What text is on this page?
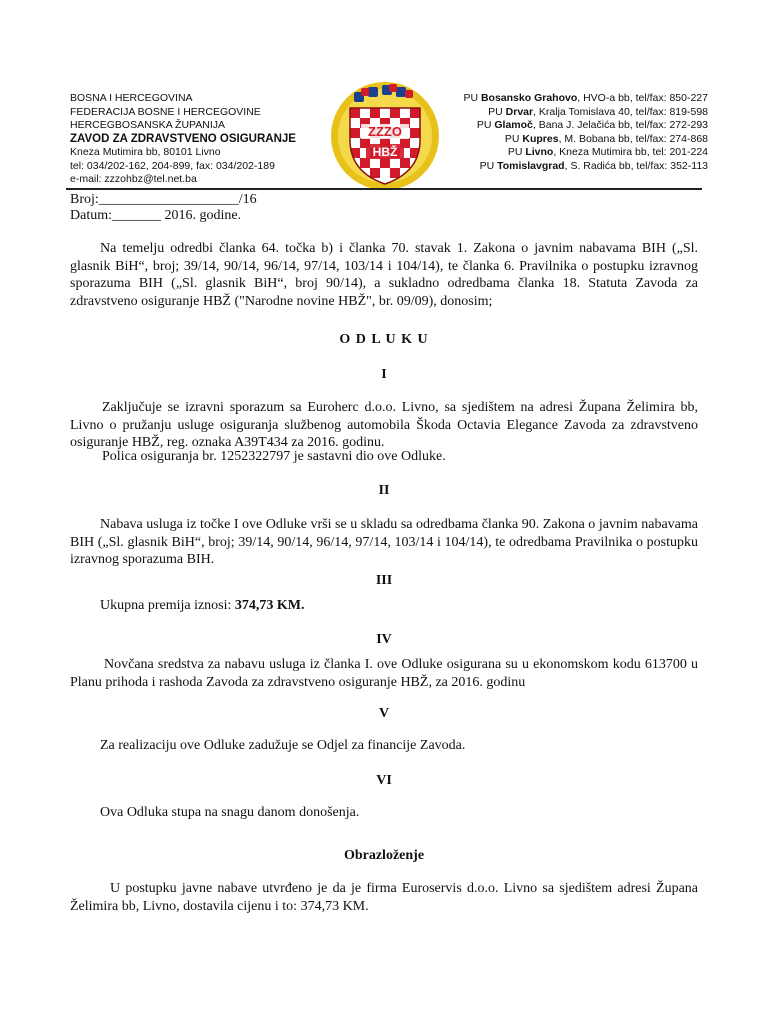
BOSNA I HERCEGOVINA
FEDERACIJA BOSNE I HERCEGOVINE
HERCEGBOSANSKA ŽUPANIJA
ZAVOD ZA ZDRAVSTVENO OSIGURANJE
Kneza Mutimira bb, 80101 Livno
tel: 034/202-162, 204-899, fax: 034/202-189
e-mail: zzzohbz@tel.net.ba
ZZZO
HBŽ
PU Bosansko Grahovo, HVO-a bb, tel/fax: 850-227
PU Drvar, Kralja Tomislava 40, tel/fax: 819-598
PU Glamoč, Bana J. Jelačića bb, tel/fax: 272-293
PU Kupres, M. Bobana bb, tel/fax: 274-868
PU Livno, Kneza Mutimira bb, tel: 201-224
PU Tomislavgrad, S. Radića bb, tel/fax: 352-113
Broj:____________________/16
Datum:_______ 2016. godine.
Na temelju odredbi članka 64. točka b) i članka 70. stavak 1. Zakona o javnim nabavama BIH („Sl. glasnik BiH“, broj; 39/14, 90/14, 96/14, 97/14, 103/14 i 104/14), te članka 6. Pravilnika o postupku izravnog sporazuma BIH („Sl. glasnik BiH“, broj 90/14), a sukladno odredbama članka 18. Statuta Zavoda za zdravstveno osiguranje HBŽ ("Narodne novine HBŽ", br. 09/09), donosim;
O D L U K U
I
Zaključuje se izravni sporazum sa Euroherc d.o.o. Livno, sa sjedištem na adresi Županа Želimira bb, Livno o pružanju usluge osiguranja službenog automobila Škoda Octavia Elegance Zavoda za zdravstveno osiguranje HBŽ, reg. oznaka A39T434 za 2016. godinu.
Polica osiguranja br. 1252322797 je sastavni dio ove Odluke.
II
Nabava usluga iz točke I ove Odluke vrši se u skladu sa odredbama članka 90. Zakona o javnim nabavama BIH („Sl. glasnik BiH“, broj; 39/14, 90/14, 96/14, 97/14, 103/14 i 104/14), te odredbama Pravilnika o postupku izravnog sporazuma BIH.
III
Ukupna premija iznosi: 374,73 KM.
IV
Novčana sredstva za nabavu usluga iz članka I. ove Odluke osigurana su u ekonomskom kodu 613700 u Planu prihoda i rashoda Zavoda za zdravstveno osiguranje HBŽ, za 2016. godinu
V
Za realizaciju ove Odluke zadužuje se Odjel za financije Zavoda.
VI
Ova Odluka stupa na snagu danom donošenja.
Obrazloženje
U postupku javne nabave utvrđeno je da je firma Euroservis d.o.o. Livno sa sjedištem adresi Županа Želimira bb, Livno, dostavila cijenu i to: 374,73 KM.
